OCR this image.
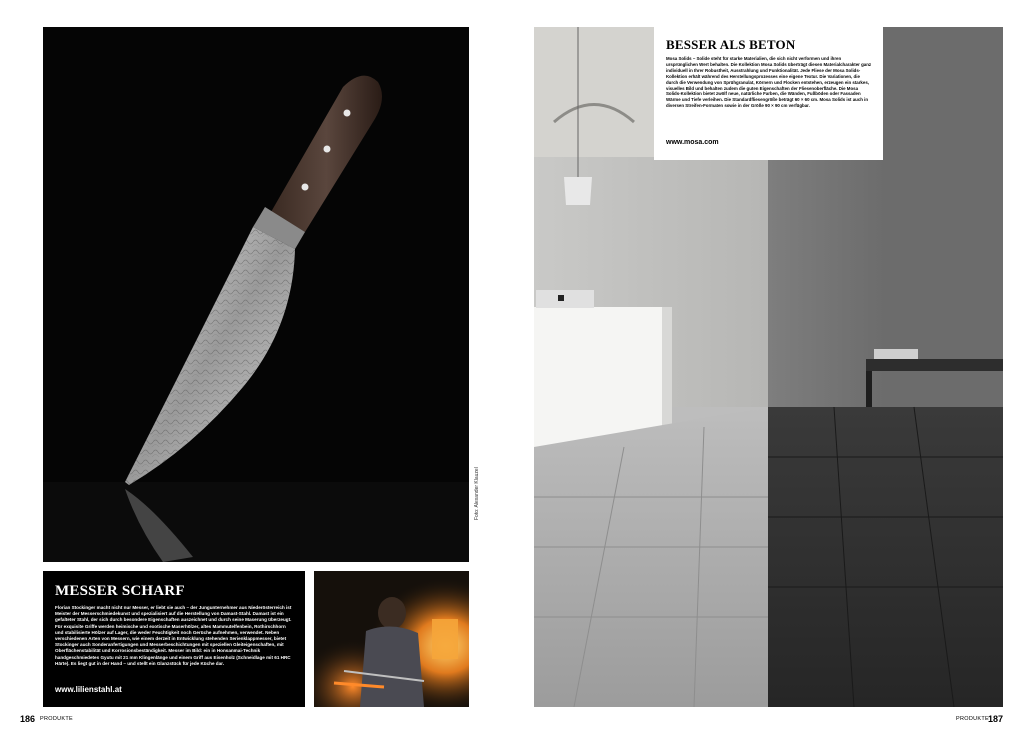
Foto: Alexander Klauzel
MESSER SCHARF
Florian Stockinger macht nicht nur Messer, er liebt sie auch – der Jungunternehmer aus Niederösterreich ist Meister der Messerschmiedekunst und spezialisiert auf die Herstellung von Damast-Stahl. Damast ist ein gefalteter Stahl, der sich durch besondere Eigenschaften auszeichnet und durch seine Maserung überzeugt. Für exquisite Griffe werden heimische und exotische Maserhölzer, altes Mammutelfenbein, Rothirschhorn und stabilisierte Hölzer auf Lager, die weder Feuchtigkeit noch Gerüche aufnehmen, verwendet. Neben verschiedenen Arten von Messern, wie einem derzeit in Entwicklung stehenden Serienklappmesser, bietet Stockinger auch Sonderanfertigungen und Messerbeschichtungen mit speziellen Gleiteigenschaften, mit Oberflächenstabilität und Korrosionsbeständigkeit. Messer im Bild: ein in Honsanmai-Technik handgeschmiedetes Gyutu mit 21 mm Klingenlänge und einem Griff aus Eisenholz (Schneidlage mit 61 HRC Härte). Es liegt gut in der Hand – und stellt ein Glanzstück für jede Küche dar.
www.lilienstahl.at
186 PRODUKTE
BESSER ALS BETON
Mosa Solids – Solide steht für starke Materialien, die sich nicht verformen und ihren ursprünglichen Wert behalten. Die Kollektion Mosa Solids überträgt diesen Materialcharakter ganz individuell in Ihrer Robustheit, Ausstrahlung und Funktionalität. Jede Fliese der Mosa Solids-Kollektion erhält während des Herstellungsprozesses eine eigene Textur. Die Variationen, die durch die Verwendung von Sprühgranulat, Körnern und Flocken entstehen, erzeugen ein starkes, visuelles Bild und behalten zudem die guten Eigenschaften der Fliesenoberfläche. Die Mosa Solids-Kollektion bietet zwölf neue, natürliche Farben, die Wänden, Fußböden oder Fassaden Wärme und Tiefe verleihen. Die Standardfliesengröße beträgt 60 × 60 cm. Mosa Solids ist auch in diversen Streifen-Formaten sowie in der Größe 90 × 90 cm verfügbar.
www.mosa.com
PRODUKTE 187
